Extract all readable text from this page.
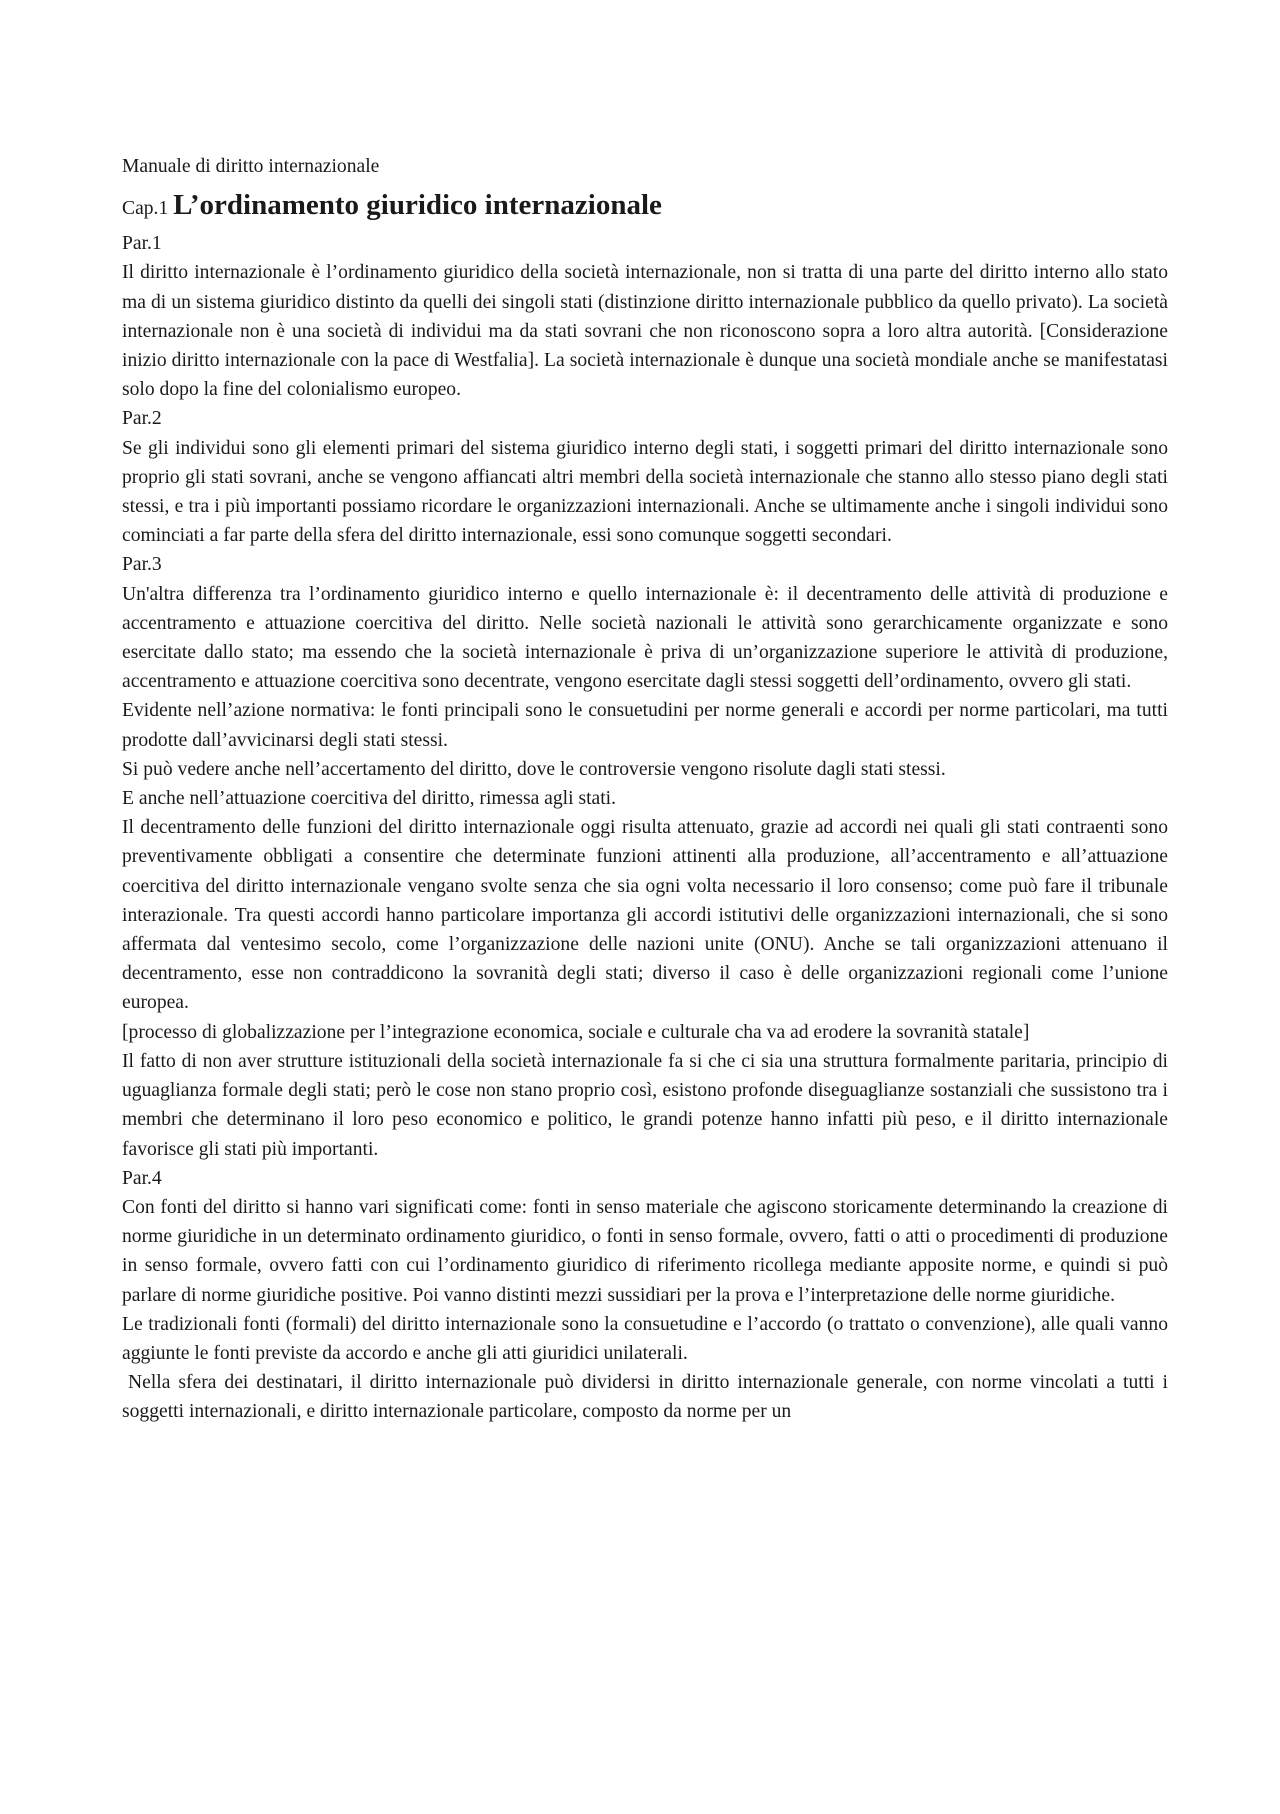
Manuale di diritto internazionale

Cap.1 L’ordinamento giuridico internazionale

Par.1

Il diritto internazionale è l’ordinamento giuridico della società internazionale, non si tratta di una parte del diritto interno allo stato ma di un sistema giuridico distinto da quelli dei singoli stati (distinzione diritto internazionale pubblico da quello privato). La società internazionale non è una società di individui ma da stati sovrani che non riconoscono sopra a loro altra autorità. [Considerazione inizio diritto internazionale con la pace di Westfalia]. La società internazionale è dunque una società mondiale anche se manifestatasi solo dopo la fine del colonialismo europeo.

Par.2

Se gli individui sono gli elementi primari del sistema giuridico interno degli stati, i soggetti primari del diritto internazionale sono proprio gli stati sovrani, anche se vengono affiancati altri membri della società internazionale che stanno allo stesso piano degli stati stessi, e tra i più importanti possiamo ricordare le organizzazioni internazionali. Anche se ultimamente anche i singoli individui sono cominciati a far parte della sfera del diritto internazionale, essi sono comunque soggetti secondari.

Par.3

Un'altra differenza tra l’ordinamento giuridico interno e quello internazionale è: il decentramento delle attività di produzione e accentramento e attuazione coercitiva del diritto. Nelle società nazionali le attività sono gerarchicamente organizzate e sono esercitate dallo stato; ma essendo che la società internazionale è priva di un’organizzazione superiore le attività di produzione, accentramento e attuazione coercitiva sono decentrate, vengono esercitate dagli stessi soggetti dell’ordinamento, ovvero gli stati.

Evidente nell’azione normativa: le fonti principali sono le consuetudini per norme generali e accordi per norme particolari, ma tutti prodotte dall’avvicinarsi degli stati stessi.

Si può vedere anche nell’accertamento del diritto, dove le controversie vengono risolute dagli stati stessi.

E anche nell’attuazione coercitiva del diritto, rimessa agli stati.

Il decentramento delle funzioni del diritto internazionale oggi risulta attenuato, grazie ad accordi nei quali gli stati contraenti sono preventivamente obbligati a consentire che determinate funzioni attinenti alla produzione, all’accentramento e all’attuazione coercitiva del diritto internazionale vengano svolte senza che sia ogni volta necessario il loro consenso; come può fare il tribunale interazionale. Tra questi accordi hanno particolare importanza gli accordi istitutivi delle organizzazioni internazionali, che si sono affermata dal ventesimo secolo, come l’organizzazione delle nazioni unite (ONU). Anche se tali organizzazioni attenuano il decentramento, esse non contraddicono la sovranità degli stati; diverso il caso è delle organizzazioni regionali come l’unione europea.

[processo di globalizzazione per l’integrazione economica, sociale e culturale cha va ad erodere la sovranità statale]

Il fatto di non aver strutture istituzionali della società internazionale fa si che ci sia una struttura formalmente paritaria, principio di uguaglianza formale degli stati; però le cose non stano proprio così, esistono profonde diseguaglianze sostanziali che sussistono tra i membri che determinano il loro peso economico e politico, le grandi potenze hanno infatti più peso, e il diritto internazionale favorisce gli stati più importanti.

Par.4

Con fonti del diritto si hanno vari significati come: fonti in senso materiale che agiscono storicamente determinando la creazione di norme giuridiche in un determinato ordinamento giuridico, o fonti in senso formale, ovvero, fatti o atti o procedimenti di produzione in senso formale, ovvero fatti con cui l’ordinamento giuridico di riferimento ricollega mediante apposite norme, e quindi si può parlare di norme giuridiche positive. Poi vanno distinti mezzi sussidiari per la prova e l’interpretazione delle norme giuridiche.

Le tradizionali fonti (formali) del diritto internazionale sono la consuetudine e l’accordo (o trattato o convenzione), alle quali vanno aggiunte le fonti previste da accordo e anche gli atti giuridici unilaterali.

Nella sfera dei destinatari, il diritto internazionale può dividersi in diritto internazionale generale, con norme vincolati a tutti i soggetti internazionali, e diritto internazionale particolare, composto da norme per un
